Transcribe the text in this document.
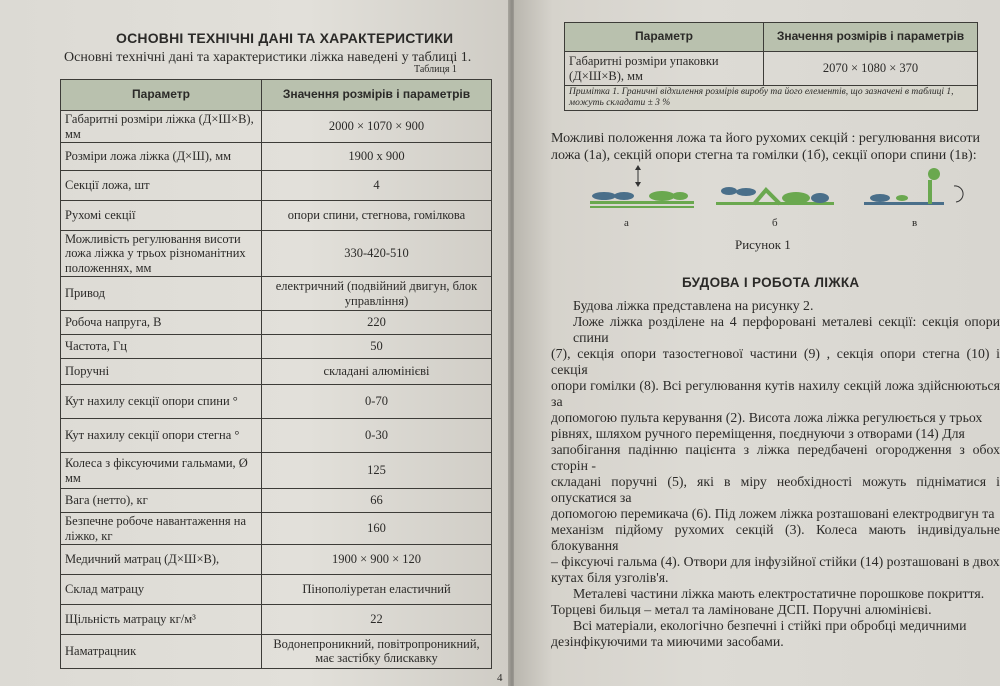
ОСНОВНІ ТЕХНІЧНІ ДАНІ ТА ХАРАКТЕРИСТИКИ
Основні технічні дані та характеристики ліжка наведені у таблиці 1.
Таблиця 1
Параметр	Значення розмірів і параметрів
Габаритні розміри ліжка (Д×Ш×В), мм	2000 × 1070 × 900
Розміри ложа ліжка (Д×Ш), мм	1900 х 900
Секції ложа, шт	4
Рухомі секції	опори спини, стегнова, гомілкова
Можливість регулювання висоти ложа ліжка у трьох різноманітних положеннях, мм	330-420-510
Привод	електричний (подвійний двигун, блок управління)
Робоча напруга, В	220
Частота, Гц	50
Поручні	складані алюмінієві
Кут нахилу секції опори спини °	0-70
Кут нахилу секції опори стегна °	0-30
Колеса з фіксуючими гальмами, Ø мм	125
Вага (нетто), кг	66
Безпечне робоче навантаження на ліжко, кг	160
Медичний матрац (Д×Ш×В),	1900 × 900 × 120
Склад матрацу	Пінополіуретан еластичний
Щільність матрацу кг/м³	22
Наматрацник	Водонепроникний, повітропроникний, має застібку блискавку
4
Параметр	Значення розмірів і параметрів
Габаритні розміри упаковки (Д×Ш×В), мм	2070 × 1080 × 370
Примітка 1. Граничні відхилення розмірів виробу та його елементів, що зазначені в таблиці 1, можуть складати ± 3 %	
Можливі положення ложа та його рухомих секцій : регулювання висоти ложа (1а), секцій опори стегна та гомілки (1б), секції опори спини (1в):
а	б	в
Рисунок 1
БУДОВА І РОБОТА ЛІЖКА

Будова ліжка представлена на рисунку 2.

Ложе ліжка розділене на 4 перфоровані металеві секції: секція опори спини

(7), секція опори тазостегнової частини (9) , секція опори стегна (10) і секція

опори гомілки (8). Всі регулювання кутів нахилу секцій ложа здійснюються за

допомогою пульта керування (2). Висота ложа ліжка регулюється у трьох

рівнях, шляхом ручного переміщення, поєднуючи з отворами (14) Для

запобігання падінню пацієнта з ліжка передбачені огородження з обох сторін -

складані поручні (5), які в міру необхідності можуть підніматися і опускатися за

допомогою перемикача (6). Під ложем ліжка розташовані електродвигун та

механізм підйому рухомих секцій (3). Колеса мають індивідуальне блокування

– фіксуючі гальма (4). Отвори для інфузійної стійки (14) розташовані в двох

кутах біля узголів'я.

Металеві частини ліжка мають електростатичне порошкове покриття.

Торцеві бильця – метал та ламіноване ДСП. Поручні алюмінієві.

Всі матеріали, екологічно безпечні і стійкі при обробці медичними

дезінфікуючими та миючими засобами.
